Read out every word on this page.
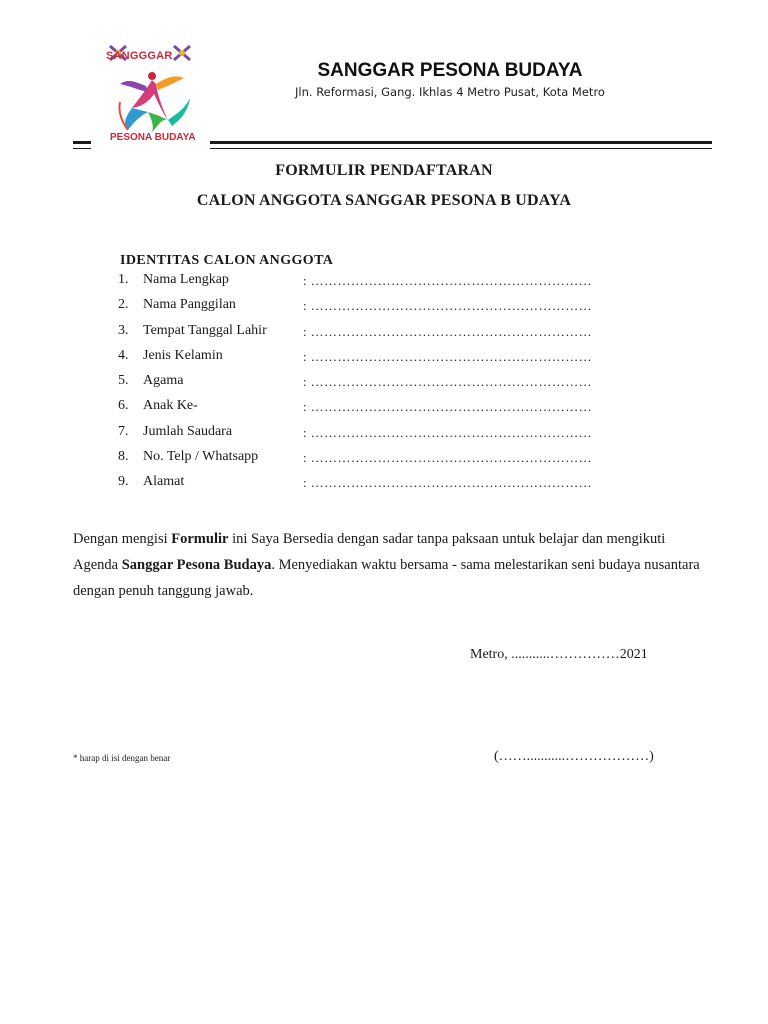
SANGGGAR
PESONA BUDAYA
SANGGAR PESONA BUDAYA
Jln. Reformasi, Gang. Ikhlas 4 Metro Pusat, Kota Metro
FORMULIR PENDAFTARAN
CALON ANGGOTA SANGGAR PESONA B UDAYA
IDENTITAS CALON ANGGOTA
1.	Nama Lengkap	: ………………………………………………………
2.	Nama Panggilan	: ………………………………………………………
3.	Tempat Tanggal Lahir	: ………………………………………………………
4.	Jenis Kelamin	: ………………………………………………………
5.	Agama	: ………………………………………………………
6.	Anak Ke-	: ………………………………………………………
7.	Jumlah Saudara	: ………………………………………………………
8.	No. Telp / Whatsapp	: ………………………………………………………
9.	Alamat	: ………………………………………………………
Dengan mengisi Formulir ini Saya Bersedia dengan sadar tanpa paksaan untuk belajar dan mengikuti Agenda Sanggar Pesona Budaya. Menyediakan waktu bersama - sama melestarikan seni budaya nusantara dengan penuh tanggung jawab.
Metro, ...........……………2021
(……...........………………)
* harap di isi dengan benar
